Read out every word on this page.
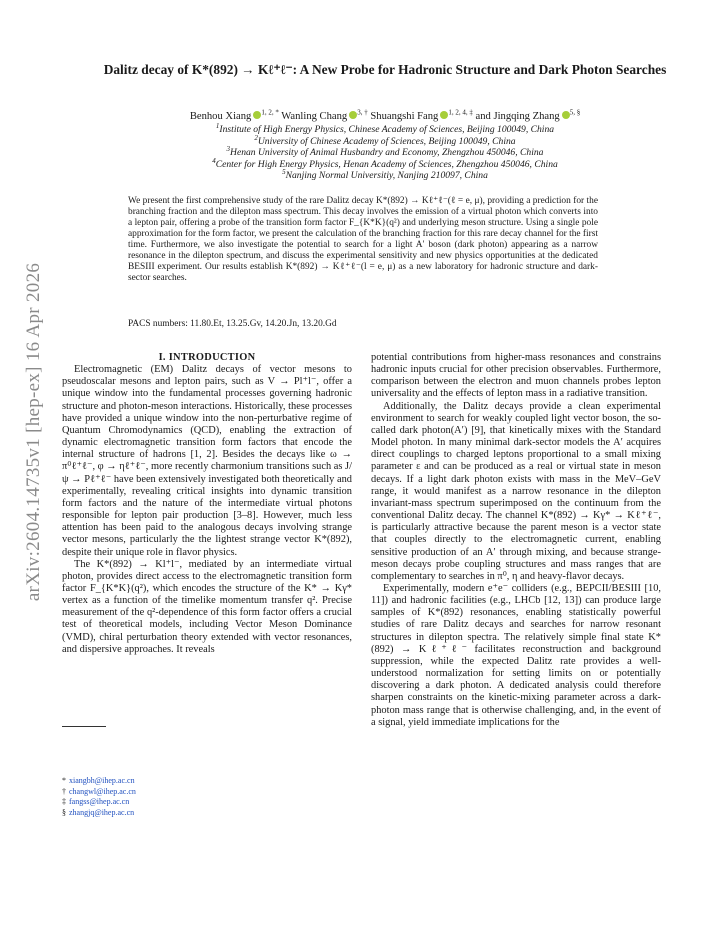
arXiv:2604.14735v1 [hep-ex] 16 Apr 2026
Dalitz decay of K*(892) → Kℓ⁺ℓ⁻: A New Probe for Hadronic Structure and Dark Photon Searches
Benhou Xiang $^{1, 2, *}$ Wanling Chang $^{3, \dagger}$ Shuangshi Fang $^{1, 2, 4, \ddagger}$ and Jingqing Zhang $^{5, \S}$
$^1$Institute of High Energy Physics, Chinese Academy of Sciences, Beijing 100049, China
$^2$University of Chinese Academy of Sciences, Beijing 100049, China
$^3$Henan University of Animal Husbandry and Economy, Zhengzhou 450046, China
$^4$Center for High Energy Physics, Henan Academy of Sciences, Zhengzhou 450046, China
$^5$Nanjing Normal Universitiy, Nanjing 210097, China

We present the first comprehensive study of the rare Dalitz decay K*(892) → Kℓ⁺ℓ⁻(ℓ = e, μ), providing a prediction for the branching fraction and the dilepton mass spectrum. This decay involves the emission of a virtual photon which converts into a lepton pair, offering a probe of the transition form factor F_{K*K}(q²) and underlying meson structure. Using a single pole approximation for the form factor, we present the calculation of the branching fraction for this rare decay channel for the first time. Furthermore, we also investigate the potential to search for a light A′ boson (dark photon) appearing as a narrow resonance in the dilepton spectrum, and discuss the experimental sensitivity and new physics opportunities at the dedicated BESIII experiment. Our results establish K*(892) → Kℓ⁺ℓ⁻(l = e, μ) as a new laboratory for hadronic structure and dark-sector searches.

PACS numbers: 11.80.Et, 13.25.Gv, 14.20.Jn, 13.20.Gd

I. INTRODUCTION

Electromagnetic (EM) Dalitz decays of vector mesons to pseudoscalar mesons and lepton pairs, such as V → Pl⁺l⁻, offer a unique window into the fundamental processes governing hadronic structure and photon-meson interactions. Historically, these processes have provided a unique window into the non-perturbative regime of Quantum Chromodynamics (QCD), enabling the extraction of dynamic electromagnetic transition form factors that encode the internal structure of hadrons [1, 2]. Besides the decays like ω → π⁰ℓ⁺ℓ⁻, φ → ηℓ⁺ℓ⁻, more recently charmonium transitions such as J/ψ → Pℓ⁺ℓ⁻ have been extensively investigated both theoretically and experimentally, revealing critical insights into dynamic transition form factors and the nature of the intermediate virtual photons responsible for lepton pair production [3–8]. However, much less attention has been paid to the analogous decays involving strange vector mesons, particularly the the lightest strange vector K*(892), despite their unique role in flavor physics.

The K*(892) → Kl⁺l⁻, mediated by an intermediate virtual photon, provides direct access to the electromagnetic transition form factor F_{K*K}(q²), which encodes the structure of the K* → Kγ* vertex as a function of the timelike momentum transfer q². Precise measurement of the q²-dependence of this form factor offers a crucial test of theoretical models, including Vector Meson Dominance (VMD), chiral perturbation theory extended with vector resonances, and dispersive approaches. It reveals

potential contributions from higher-mass resonances and constrains hadronic inputs crucial for other precision observables. Furthermore, comparison between the electron and muon channels probes lepton universality and the effects of lepton mass in a radiative transition.

Additionally, the Dalitz decays provide a clean experimental environment to search for weakly coupled light vector boson, the so-called dark photon(A′) [9], that kinetically mixes with the Standard Model photon. In many minimal dark-sector models the A′ acquires direct couplings to charged leptons proportional to a small mixing parameter ε and can be produced as a real or virtual state in meson decays. If a light dark photon exists with mass in the MeV–GeV range, it would manifest as a narrow resonance in the dilepton invariant-mass spectrum superimposed on the continuum from the conventional Dalitz decay. The channel K*(892) → Kγ* → Kℓ⁺ℓ⁻, is particularly attractive because the parent meson is a vector state that couples directly to the electromagnetic current, enabling sensitive production of an A′ through mixing, and because strange-meson decays probe coupling structures and mass ranges that are complementary to searches in π⁰, η and heavy-flavor decays.

Experimentally, modern e⁺e⁻ colliders (e.g., BEPCII/BESIII [10, 11]) and hadronic facilities (e.g., LHCb [12, 13]) can produce large samples of K*(892) resonances, enabling statistically powerful studies of rare Dalitz decays and searches for narrow resonant structures in dilepton spectra. The relatively simple final state K*(892) → Kℓ⁺ℓ⁻ facilitates reconstruction and background suppression, while the expected Dalitz rate provides a well-understood normalization for setting limits on or potentially discovering a dark photon. A dedicated analysis could therefore sharpen constraints on the kinetic-mixing parameter across a dark-photon mass range that is otherwise challenging, and, in the event of a signal, yield immediate implications for the

* xiangbh@ihep.ac.cn
† changwl@ihep.ac.cn
‡ fangss@ihep.ac.cn
§ zhangjq@ihep.ac.cn
